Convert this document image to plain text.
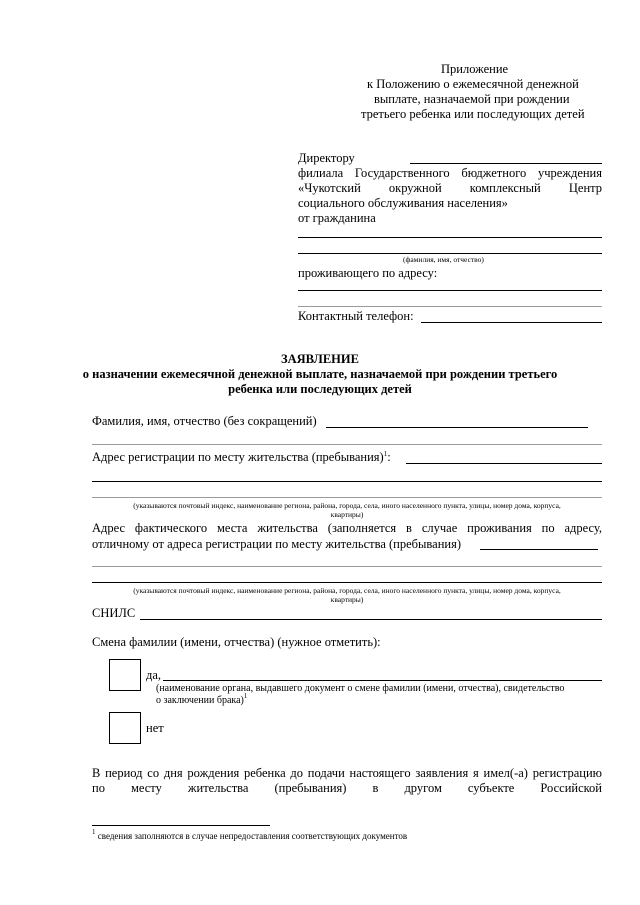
Приложение
к Положению о ежемесячной денежной
выплате, назначаемой при рождении
третьего ребенка или последующих детей
Директору
филиала Государственного бюджетного учреждения
«Чукотский окружной комплексный Центр
социального обслуживания населения»
от гражданина
(фамилия, имя, отчество)
проживающего по адресу:
Контактный телефон:
ЗАЯВЛЕНИЕ
о назначении ежемесячной денежной выплате, назначаемой при рождении третьего
ребенка или последующих детей
Фамилия, имя, отчество (без сокращений)
Адрес регистрации по месту жительства (пребывания)$^1$:
(указываются почтовый индекс, наименование региона, района, города, села, иного населенного пункта, улицы, номер дома, корпуса,
квартиры)
Адрес фактического места жительства (заполняется в случае проживания по адресу,
отличному от адреса регистрации по месту жительства (пребывания)
(указываются почтовый индекс, наименование региона, района, города, села, иного населенного пункта, улицы, номер дома, корпуса,
квартиры)
СНИЛС
Смена фамилии (имени, отчества) (нужное отметить):
да,
(наименование органа, выдавшего документ о смене фамилии (имени, отчества), свидетельство
о заключении брака)$^1$
нет
В период со дня рождения ребенка до подачи настоящего заявления я имел(-а) регистрацию
по месту жительства (пребывания) в другом субъекте Российской
$^1$ сведения заполняются в случае непредоставления соответствующих документов
